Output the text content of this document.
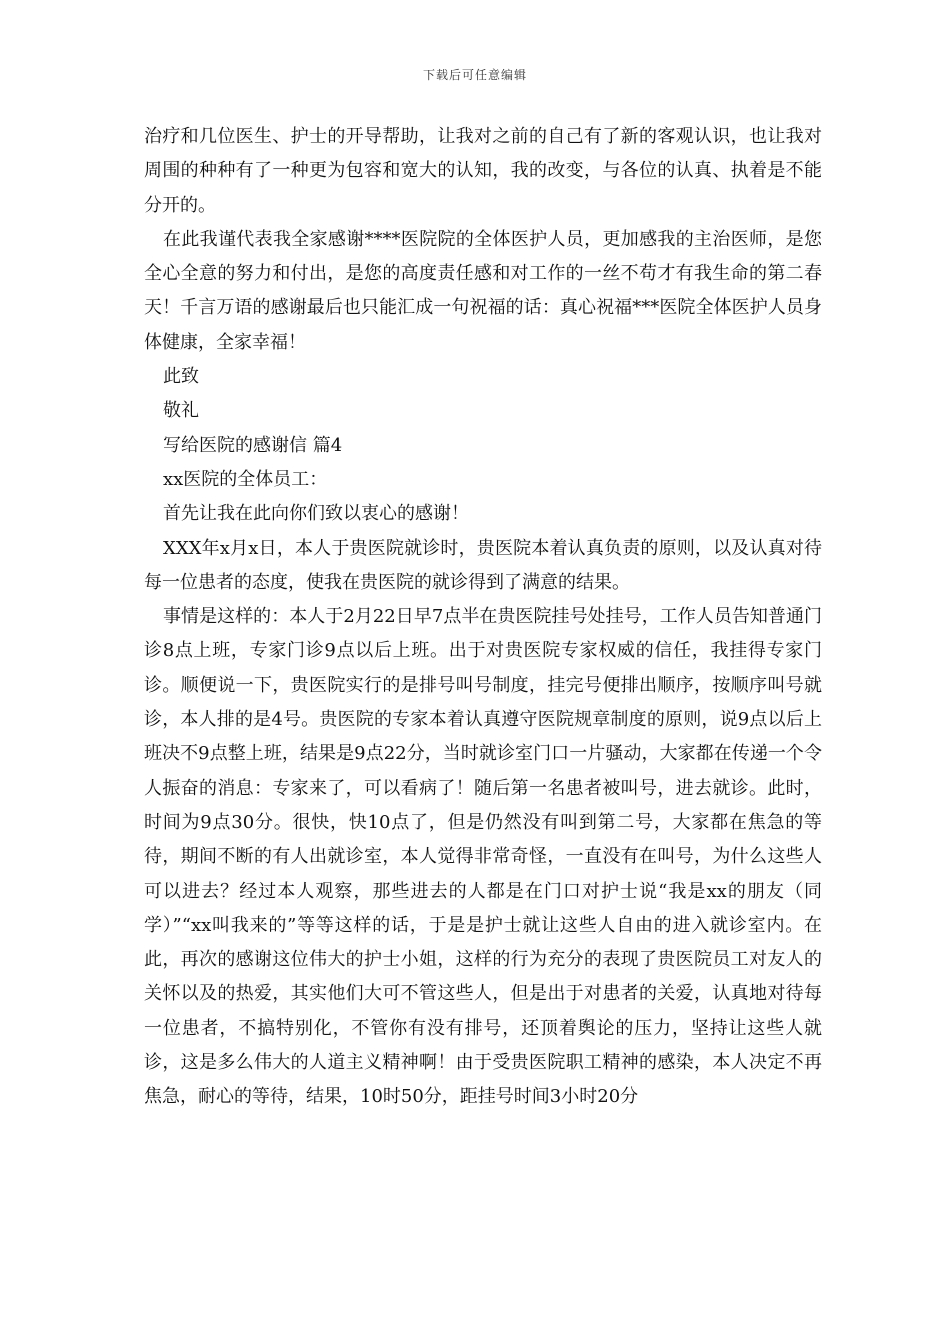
下载后可任意编辑

治疗和几位医生、护士的开导帮助，让我对之前的自己有了新的客观认识，也让我对周围的种种有了一种更为包容和宽大的认知，我的改变，与各位的认真、执着是不能分开的。

在此我谨代表我全家感谢****医院院的全体医护人员，更加感我的主治医师，是您全心全意的努力和付出，是您的高度责任感和对工作的一丝不苟才有我生命的第二春天！千言万语的感谢最后也只能汇成一句祝福的话：真心祝福***医院全体医护人员身体健康，全家幸福！

此致

敬礼

写给医院的感谢信 篇4

xx医院的全体员工：

首先让我在此向你们致以衷心的感谢！

XXX年x月x日，本人于贵医院就诊时，贵医院本着认真负责的原则，以及认真对待每一位患者的态度，使我在贵医院的就诊得到了满意的结果。

事情是这样的：本人于2月22日早7点半在贵医院挂号处挂号，工作人员告知普通门诊8点上班，专家门诊9点以后上班。出于对贵医院专家权威的信任，我挂得专家门诊。顺便说一下，贵医院实行的是排号叫号制度，挂完号便排出顺序，按顺序叫号就诊，本人排的是4号。贵医院的专家本着认真遵守医院规章制度的原则，说9点以后上班决不9点整上班，结果是9点22分，当时就诊室门口一片骚动，大家都在传递一个令人振奋的消息：专家来了，可以看病了！随后第一名患者被叫号，进去就诊。此时，时间为9点30分。很快，快10点了，但是仍然没有叫到第二号，大家都在焦急的等待，期间不断的有人出就诊室，本人觉得非常奇怪，一直没有在叫号，为什么这些人可以进去？经过本人观察，那些进去的人都是在门口对护士说“我是xx的朋友（同学）”“xx叫我来的”等等这样的话，于是是护士就让这些人自由的进入就诊室内。在此，再次的感谢这位伟大的护士小姐，这样的行为充分的表现了贵医院员工对友人的关怀以及的热爱，其实他们大可不管这些人，但是出于对患者的关爱，认真地对待每一位患者，不搞特别化，不管你有没有排号，还顶着舆论的压力，坚持让这些人就诊，这是多么伟大的人道主义精神啊！由于受贵医院职工精神的感染，本人决定不再焦急，耐心的等待，结果，10时50分，距挂号时间3小时20分
